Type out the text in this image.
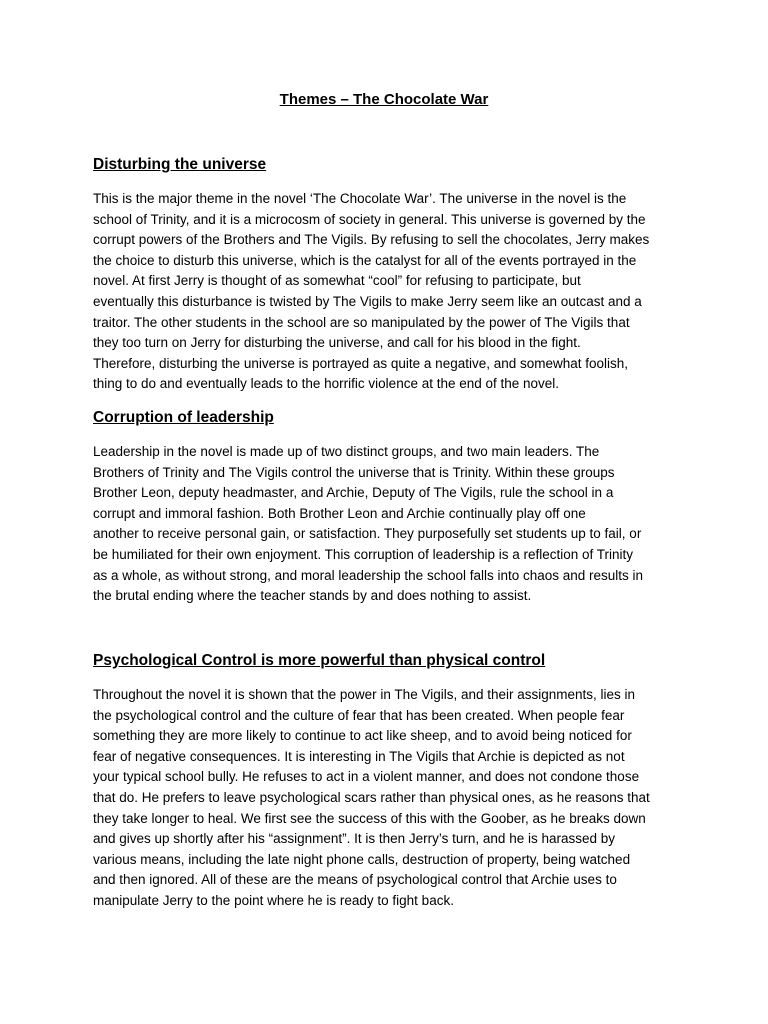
Themes – The Chocolate War
Disturbing the universe

This is the major theme in the novel ‘The Chocolate War’. The universe in the novel is the
school of Trinity, and it is a microcosm of society in general. This universe is governed by the
corrupt powers of the Brothers and The Vigils. By refusing to sell the chocolates, Jerry makes
the choice to disturb this universe, which is the catalyst for all of the events portrayed in the
novel. At first Jerry is thought of as somewhat “cool” for refusing to participate, but
eventually this disturbance is twisted by The Vigils to make Jerry seem like an outcast and a
traitor. The other students in the school are so manipulated by the power of The Vigils that
they too turn on Jerry for disturbing the universe, and call for his blood in the fight.
Therefore, disturbing the universe is portrayed as quite a negative, and somewhat foolish,
thing to do and eventually leads to the horrific violence at the end of the novel.

Corruption of leadership

Leadership in the novel is made up of two distinct groups, and two main leaders. The
Brothers of Trinity and The Vigils control the universe that is Trinity. Within these groups
Brother Leon, deputy headmaster, and Archie, Deputy of The Vigils, rule the school in a
corrupt and immoral fashion. Both Brother Leon and Archie continually play off one
another to receive personal gain, or satisfaction. They purposefully set students up to fail, or
be humiliated for their own enjoyment. This corruption of leadership is a reflection of Trinity
as a whole, as without strong, and moral leadership the school falls into chaos and results in
the brutal ending where the teacher stands by and does nothing to assist.

Psychological Control is more powerful than physical control

Throughout the novel it is shown that the power in The Vigils, and their assignments, lies in
the psychological control and the culture of fear that has been created. When people fear
something they are more likely to continue to act like sheep, and to avoid being noticed for
fear of negative consequences. It is interesting in The Vigils that Archie is depicted as not
your typical school bully. He refuses to act in a violent manner, and does not condone those
that do. He prefers to leave psychological scars rather than physical ones, as he reasons that
they take longer to heal. We first see the success of this with the Goober, as he breaks down
and gives up shortly after his “assignment”. It is then Jerry’s turn, and he is harassed by
various means, including the late night phone calls, destruction of property, being watched
and then ignored. All of these are the means of psychological control that Archie uses to
manipulate Jerry to the point where he is ready to fight back.
